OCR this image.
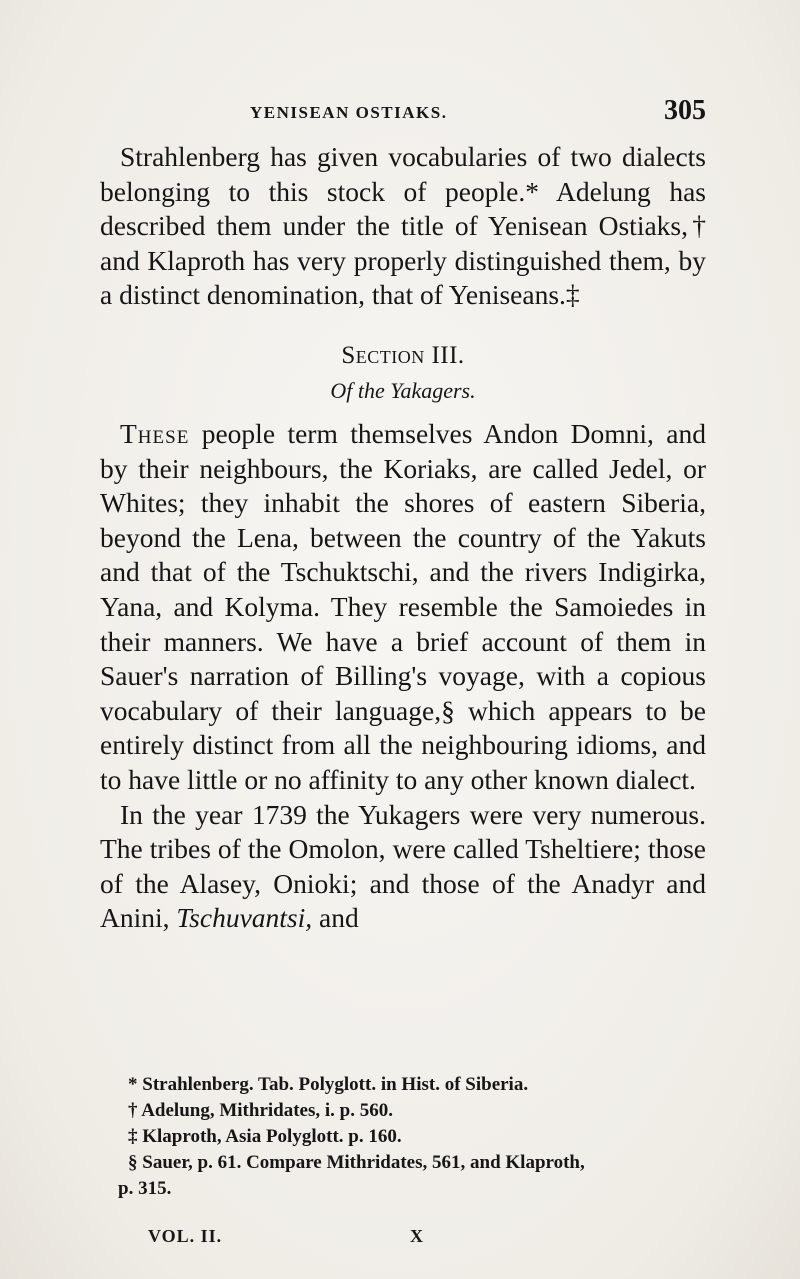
YENISEAN OSTIAKS.	305

Strahlenberg has given vocabularies of two dialects belonging to this stock of people.* Adelung has described them under the title of Yenisean Ostiaks,† and Klaproth has very properly distinguished them, by a distinct denomination, that of Yeniseans.‡

Section III.
Of the Yakagers.

These people term themselves Andon Domni, and by their neighbours, the Koriaks, are called Jedel, or Whites; they inhabit the shores of eastern Siberia, beyond the Lena, between the country of the Yakuts and that of the Tschuktschi, and the rivers Indigirka, Yana, and Kolyma. They resemble the Samoiedes in their manners. We have a brief account of them in Sauer's narration of Billing's voyage, with a copious vocabulary of their language,§ which appears to be entirely distinct from all the neighbouring idioms, and to have little or no affinity to any other known dialect.

In the year 1739 the Yukagers were very numerous. The tribes of the Omolon, were called Tsheltiere; those of the Alasey, Onioki; and those of the Anadyr and Anini, Tschuvantsi, and

* Strahlenberg. Tab. Polyglott. in Hist. of Siberia.
† Adelung, Mithridates, i. p. 560.
‡ Klaproth, Asia Polyglott. p. 160.
§ Sauer, p. 61. Compare Mithridates, 561, and Klaproth,
p. 315.
VOL. II.	X
